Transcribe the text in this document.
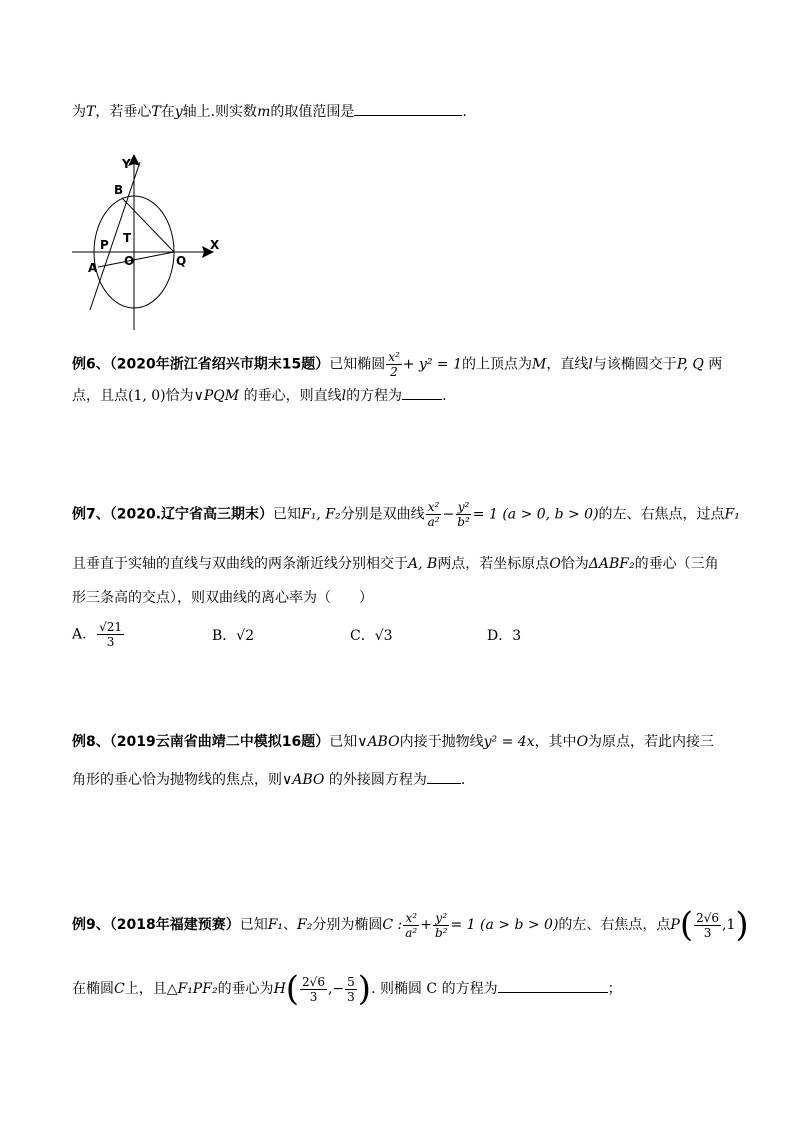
为T，若垂心T在y轴上.则实数m的取值范围是	.
Y
X
B
T
P
O	Q
A
例6、（2020年浙江省绍兴市期末15题）已知椭圆 $\frac{\text{x²}}{2} + y^2 = 1$的上顶点为M，直线l与该椭圆交于P, Q 两
点，且点(1, 0)恰为∨PQM 的垂心，则直线l的方程为	.
例7、（2020.辽宁省高三期末）已知F₁, F₂分别是双曲线 $\frac{\text{x²}}{\text{a²}} - \frac{\text{y²}}{\text{b²}} = 1$ (a > 0, b > 0)的左、右焦点，过点F₁
且垂直于实轴的直线与双曲线的两条渐近线分别相交于A, B两点，若坐标原点O恰为ΔABF₂的垂心（三角
形三条高的交点），则双曲线的离心率为（　　）
A． $\frac{√21}{3}$	B．√2	C．√3	D．3
例8、（2019云南省曲靖二中模拟16题）已知∨ABO内接于抛物线y² = 4x，其中O为原点，若此内接三
角形的垂心恰为抛物线的焦点，则∨ABO 的外接圆方程为 .
例9、（2018年福建预赛）已知F₁、F₂分别为椭圆C : $\frac{\text{x²}}{\text{a²}} + \frac{\text{y²}}{\text{b²}} = 1$ (a > b > 0)的左、右焦点，点$P( \frac{2√6}{3} ,1)$
在椭圆C上，且△F₁PF₂的垂心为$H( \frac{2√6}{3}$ ,− $\frac{5}{3}$ ). 则椭圆 C 的方程为	；
